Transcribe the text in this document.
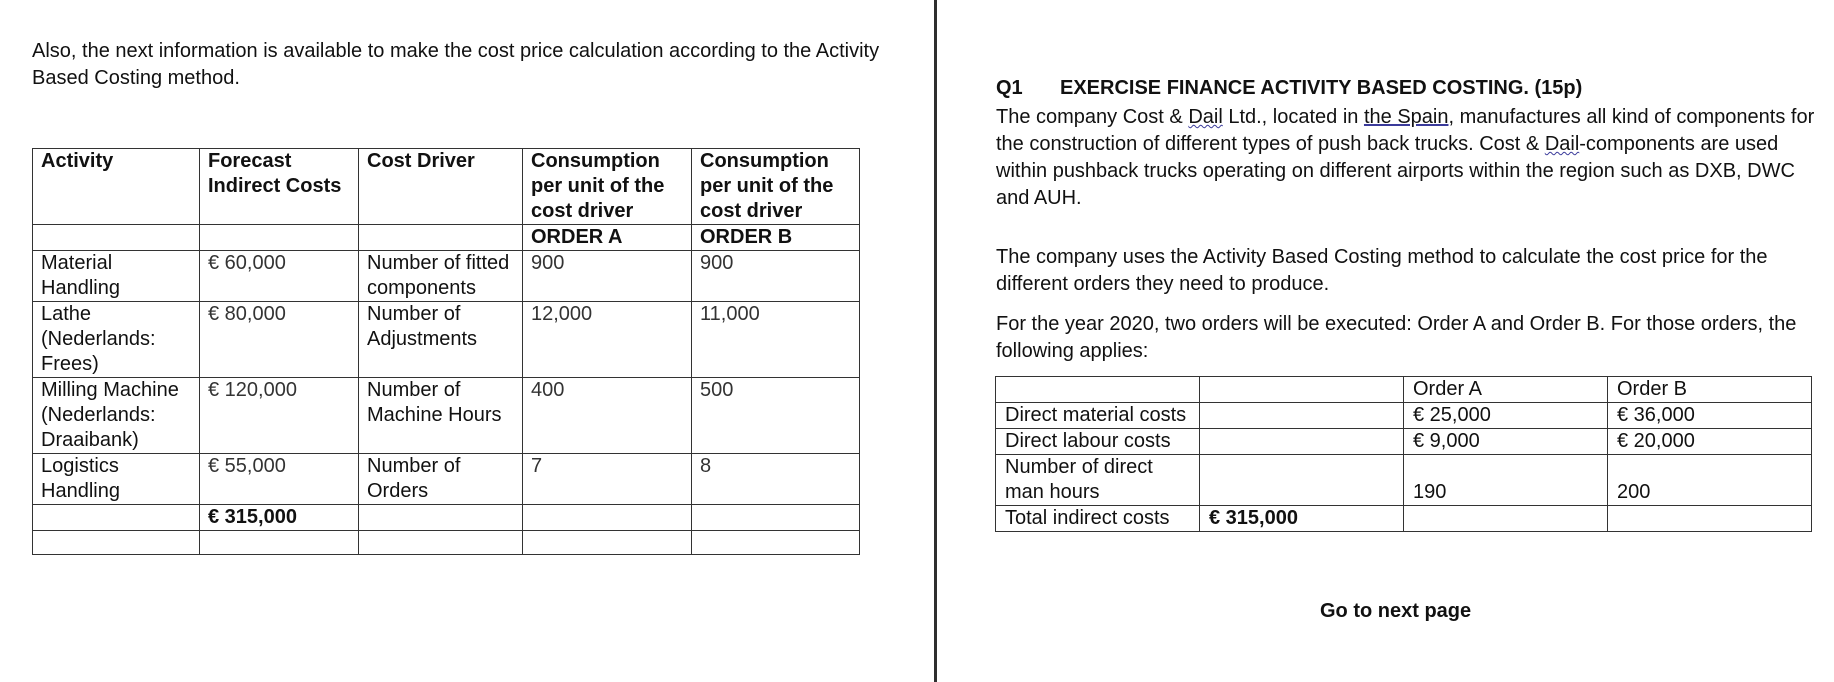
Also, the next information is available to make the cost price calculation according to the Activity Based Costing method.
Activity	Forecast Indirect Costs	Cost Driver	Consumption per unit of the cost driver	Consumption per unit of the cost driver
			ORDER A	ORDER B
Material Handling	€ 60,000	Number of fitted components	900	900
Lathe (Nederlands: Frees)	€ 80,000	Number of Adjustments	12,000	11,000
Milling Machine (Nederlands: Draaibank)	€ 120,000	Number of Machine Hours	400	500
Logistics Handling	€ 55,000	Number of Orders	7	8
	€ 315,000			

Q1 EXERCISE FINANCE ACTIVITY BASED COSTING. (15p)
The company Cost & Dail Ltd., located in the Spain, manufactures all kind of components for the construction of different types of push back trucks. Cost & Dail-components are used within pushback trucks operating on different airports within the region such as DXB, DWC and AUH.
The company uses the Activity Based Costing method to calculate the cost price for the different orders they need to produce.
For the year 2020, two orders will be executed: Order A and Order B. For those orders, the following applies:
		Order A	Order B
Direct material costs		€ 25,000	€ 36,000
Direct labour costs		€ 9,000	€ 20,000
Number of direct man hours		190	200
Total indirect costs	€ 315,000		
